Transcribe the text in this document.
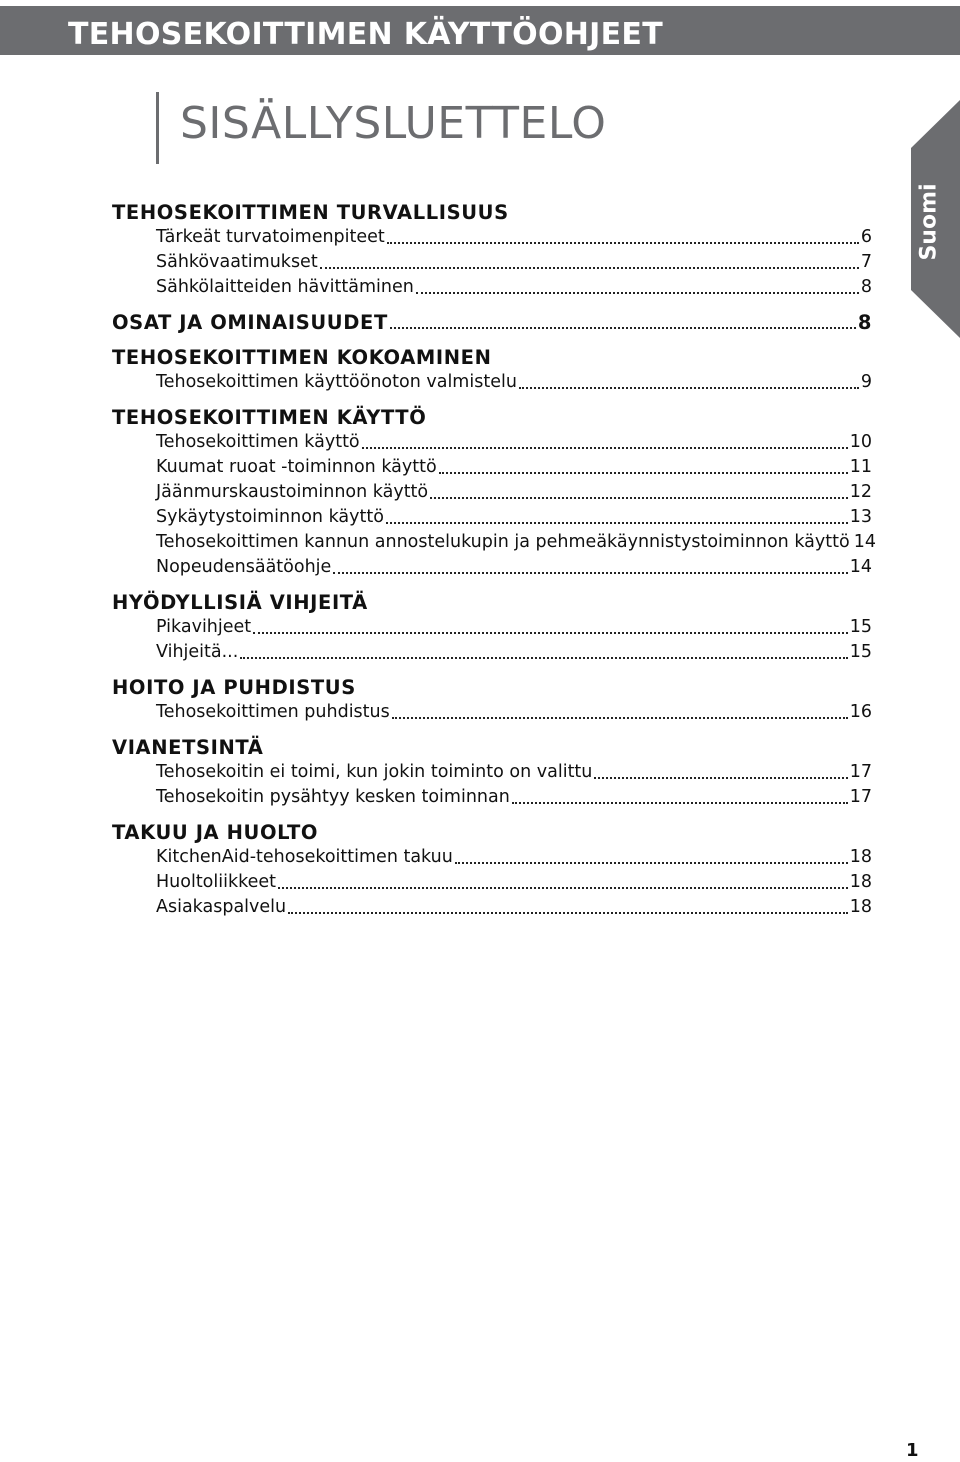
TEHOSEKOITTIMEN KÄYTTÖOHJEET
SISÄLLYSLUETTELO
Suomi
TEHOSEKOITTIMEN TURVALLISUUS
Tärkeät turvatoimenpiteet	6
Sähkövaatimukset	7
Sähkölaitteiden hävittäminen	8
OSAT JA OMINAISUUDET	8
TEHOSEKOITTIMEN KOKOAMINEN
Tehosekoittimen käyttöönoton valmistelu	9
TEHOSEKOITTIMEN KÄYTTÖ
Tehosekoittimen käyttö	10
Kuumat ruoat -toiminnon käyttö	11
Jäänmurskaustoiminnon käyttö	12
Sykäytystoiminnon käyttö	13
Tehosekoittimen kannun annostelukupin ja pehmeäkäynnistystoiminnon käyttö 14
Nopeudensäätöohje	14
HYÖDYLLISIÄ VIHJEITÄ
Pikavihjeet	15
Vihjeitä...	15
HOITO JA PUHDISTUS
Tehosekoittimen puhdistus	16
VIANETSINTÄ
Tehosekoitin ei toimi, kun jokin toiminto on valittu	17
Tehosekoitin pysähtyy kesken toiminnan	17
TAKUU JA HUOLTO
KitchenAid-tehosekoittimen takuu	18
Huoltoliikkeet	18
Asiakaspalvelu	18
1
